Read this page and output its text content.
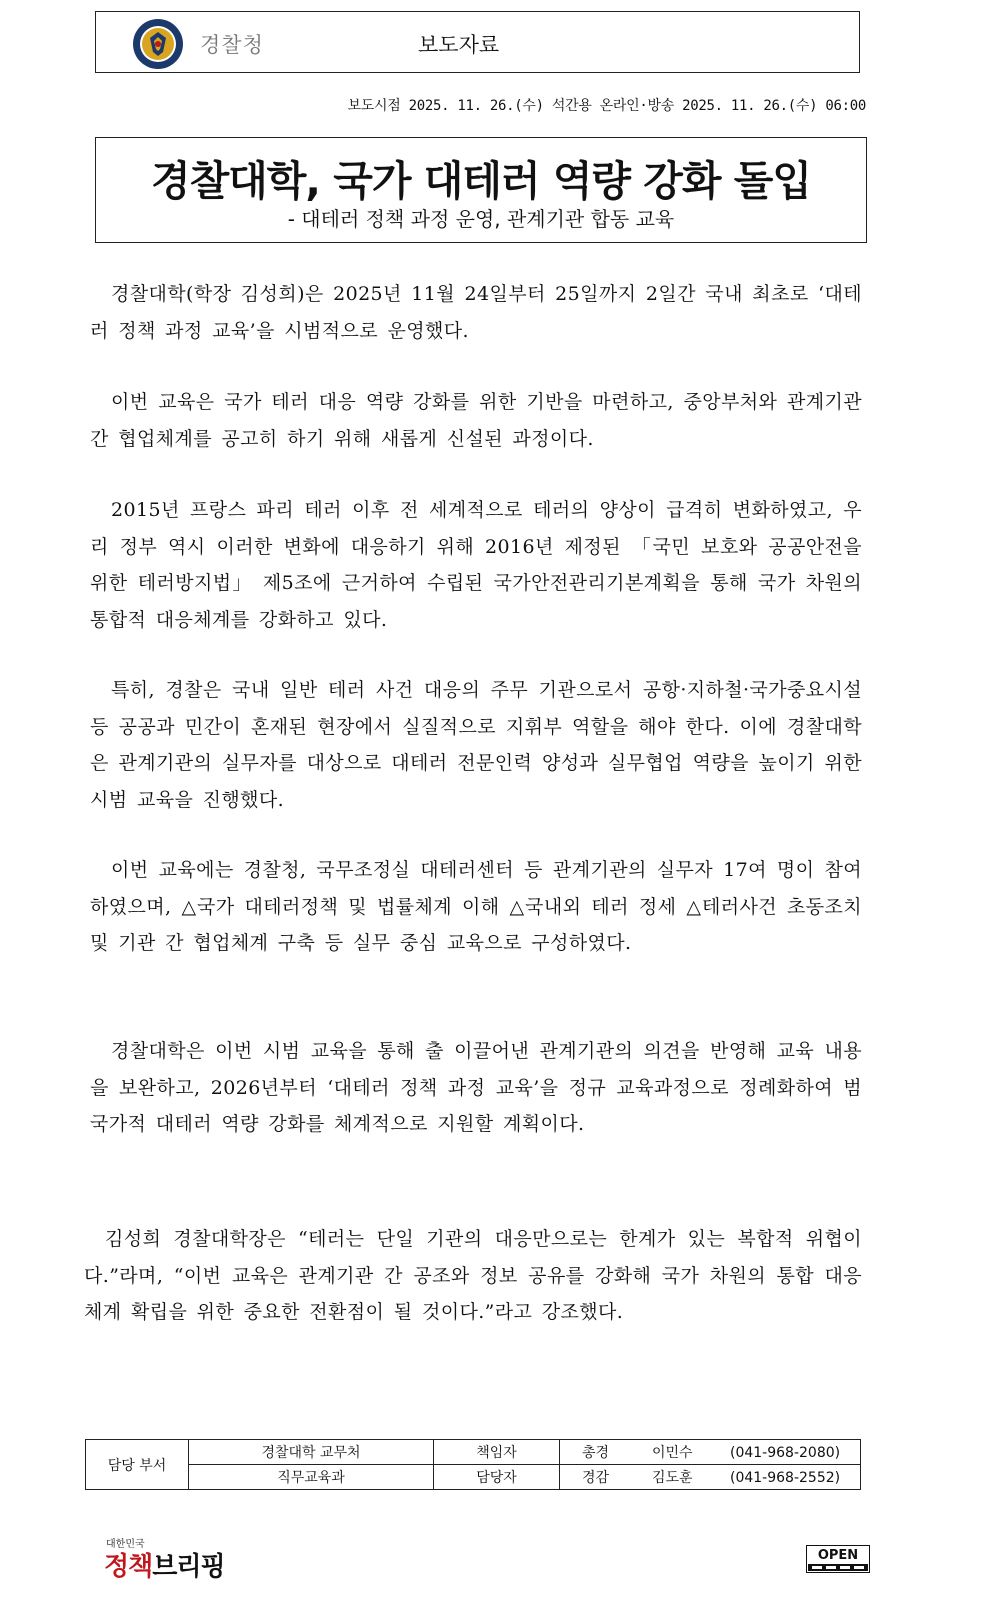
경찰청	보도자료
보도시점 2025. 11. 26.(수) 석간용 온라인·방송 2025. 11. 26.(수) 06:00
경찰대학, 국가 대테러 역량 강화 돌입
- 대테러 정책 과정 운영, 관계기관 합동 교육

경찰대학(학장 김성희)은 2025년 11월 24일부터 25일까지 2일간 국내 최초로 ‘대테러 정책 과정 교육’을 시범적으로 운영했다.

이번 교육은 국가 테러 대응 역량 강화를 위한 기반을 마련하고, 중앙부처와 관계기관 간 협업체계를 공고히 하기 위해 새롭게 신설된 과정이다.

2015년 프랑스 파리 테러 이후 전 세계적으로 테러의 양상이 급격히 변화하였고, 우리 정부 역시 이러한 변화에 대응하기 위해 2016년 제정된 「국민 보호와 공공안전을 위한 테러방지법」 제5조에 근거하여 수립된 국가안전관리기본계획을 통해 국가 차원의 통합적 대응체계를 강화하고 있다.

특히, 경찰은 국내 일반 테러 사건 대응의 주무 기관으로서 공항·지하철·국가중요시설 등 공공과 민간이 혼재된 현장에서 실질적으로 지휘부 역할을 해야 한다. 이에 경찰대학은 관계기관의 실무자를 대상으로 대테러 전문인력 양성과 실무협업 역량을 높이기 위한 시범 교육을 진행했다.

이번 교육에는 경찰청, 국무조정실 대테러센터 등 관계기관의 실무자 17여 명이 참여하였으며, △국가 대테러정책 및 법률체계 이해 △국내외 테러 정세 △테러사건 초동조치 및 기관 간 협업체계 구축 등 실무 중심 교육으로 구성하였다.

경찰대학은 이번 시범 교육을 통해 출 이끌어낸 관계기관의 의견을 반영해 교육 내용을 보완하고, 2026년부터 ‘대테러 정책 과정 교육’을 정규 교육과정으로 정례화하여 범국가적 대테러 역량 강화를 체계적으로 지원할 계획이다.

김성희 경찰대학장은 “테러는 단일 기관의 대응만으로는 한계가 있는 복합적 위협이다.”라며, “이번 교육은 관계기관 간 공조와 정보 공유를 강화해 국가 차원의 통합 대응체계 확립을 위한 중요한 전환점이 될 것이다.”라고 강조했다.

담당 부서	경찰대학 교무처	책임자	총경 이민수 (041-968-2080)
	직무교육과	담당자	경감 김도훈 (041-968-2552)
대한민국
정책브리핑	OPEN
